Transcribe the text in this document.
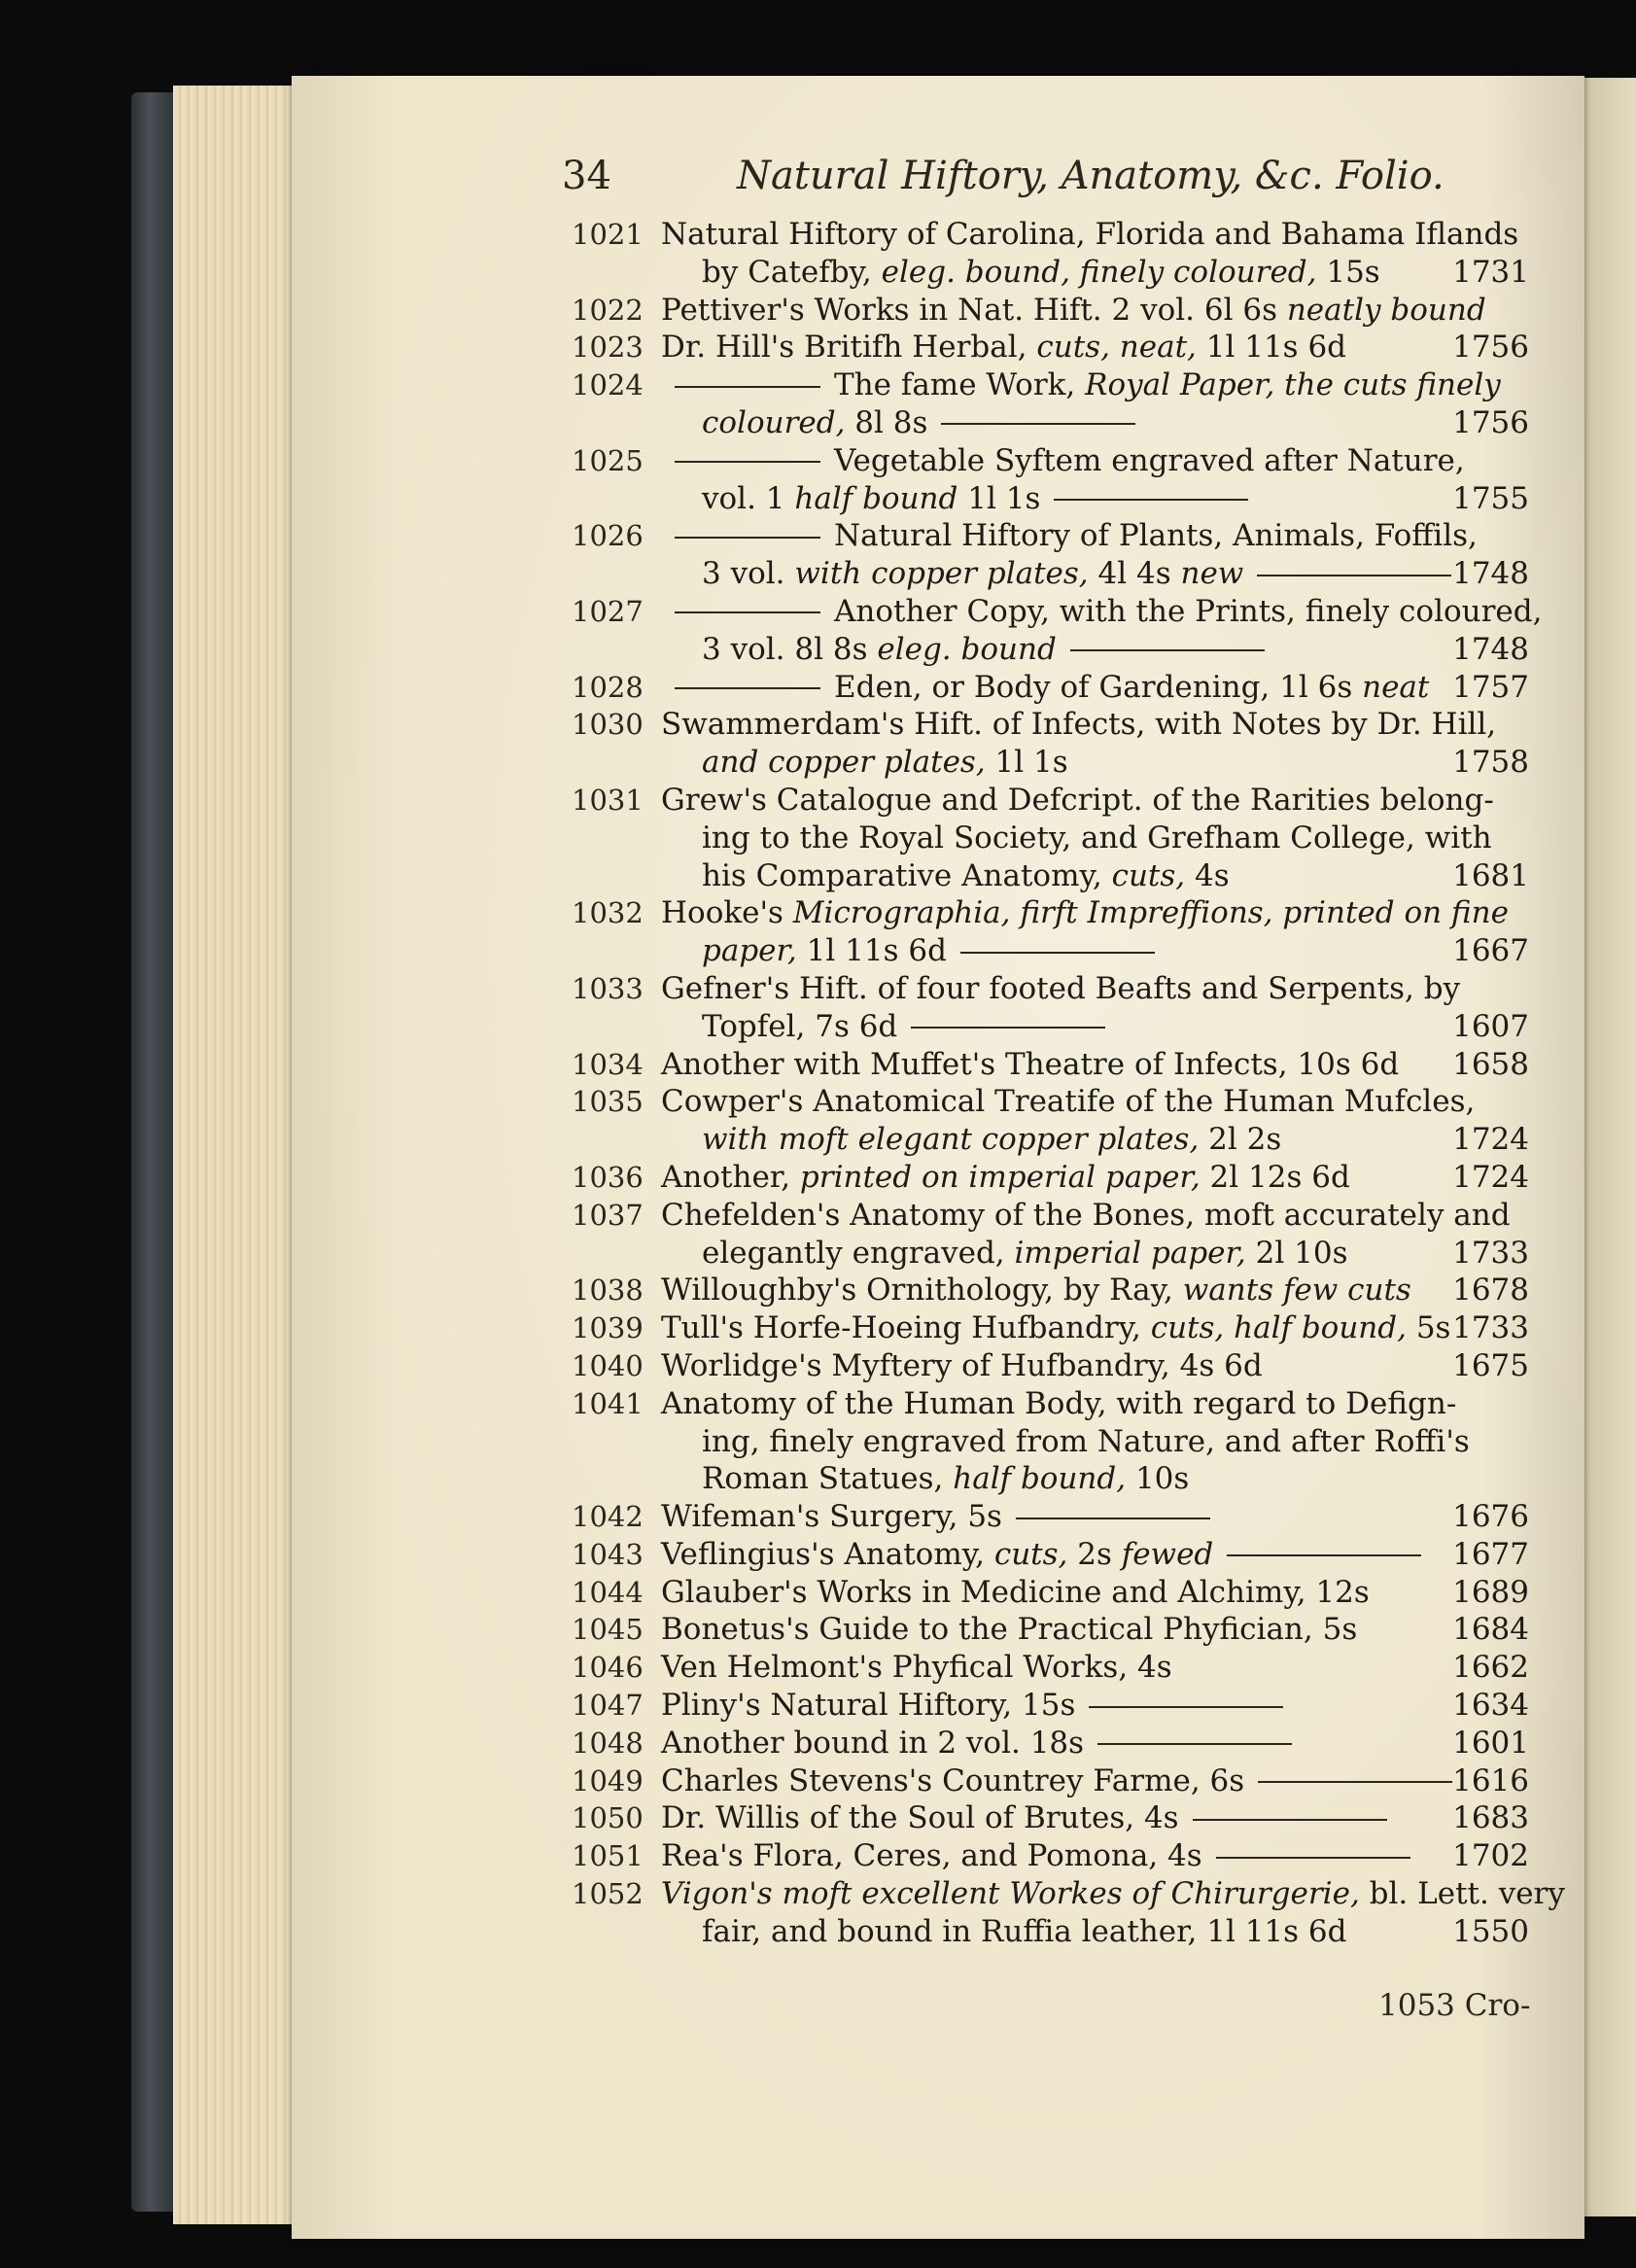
34	Natural Hiftory, Anatomy, &c. Folio.
1021 Natural Hiftory of Carolina, Florida and Bahama Iflands
by Catefby, eleg. bound, finely coloured, 15s 1731
1022 Pettiver's Works in Nat. Hift. 2 vol. 6l 6s neatly bound
1023 Dr. Hill's Britifh Herbal, cuts, neat, 1l 11s 6d	1756
1024	The fame Work, Royal Paper, the cuts finely
coloured, 8l 8s	1756
1025	Vegetable Syftem engraved after Nature,
vol. 1 half bound 1l 1s	1755
1026	Natural Hiftory of Plants, Animals, Foffils,
3 vol. with copper plates, 4l 4s new	1748
1027	Another Copy, with the Prints, finely coloured,
3 vol. 8l 8s eleg. bound	1748
1028	Eden, or Body of Gardening, 1l 6s neat 1757
1030 Swammerdam's Hift. of Infects, with Notes by Dr. Hill,
and copper plates, 1l 1s	1758
1031 Grew's Catalogue and Defcript. of the Rarities belong-
ing to the Royal Society, and Grefham College, with
his Comparative Anatomy, cuts, 4s	1681
1032 Hooke's Micrographia, firft Impreffions, printed on fine
paper, 1l 11s 6d	1667
1033 Gefner's Hift. of four footed Beafts and Serpents, by
Topfel, 7s 6d	1607
1034 Another with Muffet's Theatre of Infects, 10s 6d 1658
1035 Cowper's Anatomical Treatife of the Human Mufcles,
with moft elegant copper plates, 2l 2s	1724
1036 Another, printed on imperial paper, 2l 12s 6d	1724
1037 Chefelden's Anatomy of the Bones, moft accurately and
elegantly engraved, imperial paper, 2l 10s	1733
1038 Willoughby's Ornithology, by Ray, wants few cuts 1678
1039 Tull's Horfe-Hoeing Hufbandry, cuts, half bound, 5s 1733
1040 Worlidge's Myftery of Hufbandry, 4s 6d	1675
1041 Anatomy of the Human Body, with regard to Defign-
ing, finely engraved from Nature, and after Roffi's
Roman Statues, half bound, 10s
1042 Wifeman's Surgery, 5s	1676
1043 Veflingius's Anatomy, cuts, 2s fewed	1677
1044 Glauber's Works in Medicine and Alchimy, 12s	1689
1045 Bonetus's Guide to the Practical Phyfician, 5s	1684
1046 Ven Helmont's Phyfical Works, 4s	1662
1047 Pliny's Natural Hiftory, 15s	1634
1048 Another bound in 2 vol. 18s	1601
1049 Charles Stevens's Countrey Farme, 6s	1616
1050 Dr. Willis of the Soul of Brutes, 4s	1683
1051 Rea's Flora, Ceres, and Pomona, 4s	1702
1052 Vigon's moft excellent Workes of Chirurgerie, bl. Lett. very
fair, and bound in Ruffia leather, 1l 11s 6d	1550
1053 Cro-
